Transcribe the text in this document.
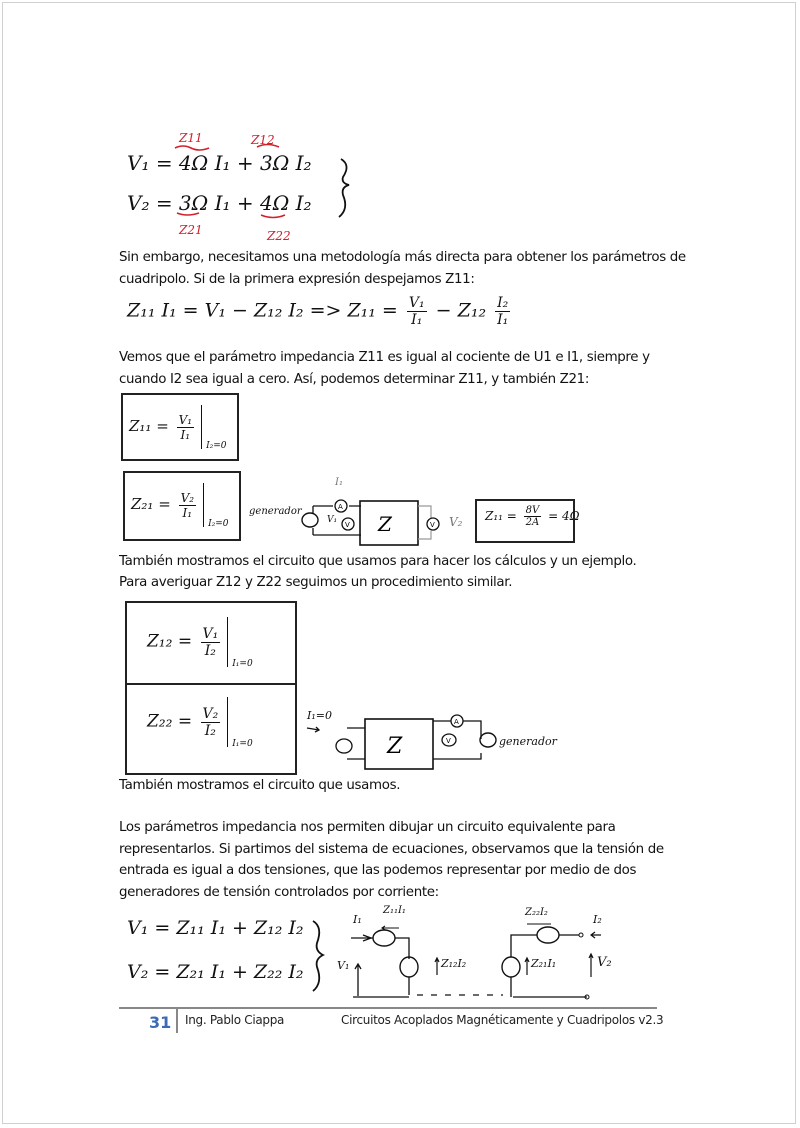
Z11	Z12
V₁ = 4Ω I₁ + 3Ω I₂
V₂ = 3Ω I₁ + 4Ω I₂
Z21	Z22
Sin embargo, necesitamos una metodología más directa para obtener los parámetros de cuadripolo. Si de la primera expresión despejamos Z11:
Z₁₁ I₁ = V₁ − Z₁₂ $I_2 => Z_{11} = \frac{\text{V₁}}{\text{I₁}} - Z_{12} \frac{\text{I₂}}{\text{I₁}}$
Vemos que el parámetro impedancia Z11 es igual al cociente de U1 e I1, siempre y cuando I2 sea igual a cero. Así, podemos determinar Z11, y también Z21:
$Z_{11} = \frac{\text{V₁}}{\text{I₁}}$
I₂=0
$Z_{21} = \frac{\text{V₂}}{\text{I₁}}$
I₂=0
generador
I₁
V₁	V₂
A
V Z	V
$Z_{11} = \frac{8V}{2A} = 4\Omega$
También mostramos el circuito que usamos para hacer los cálculos y un ejemplo.
Para averiguar Z12 y Z22 seguimos un procedimiento similar.
$Z_{12} = \frac{\text{V₁}}{\text{I₂}}$
I₁=0
$Z_{22} = \frac{\text{V₂}}{\text{I₂}}$
I₁=0
I₁=0
generador
Z
A
V
También mostramos el circuito que usamos.
Los parámetros impedancia nos permiten dibujar un circuito equivalente para representarlos. Si partimos del sistema de ecuaciones, observamos que la tensión de entrada es igual a dos tensiones, que las podemos representar por medio de dos generadores de tensión controlados por corriente:
V₁ = Z₁₁ I₁ + Z₁₂ I₂
V₂ = Z₂₁ I₁ + Z₂₂ I₂
I₁
Z₁₁I₁
V₁	Z₁₂I₂	Z₂₁I₁
Z₂₂I₂
I₂
V₂
31 Ing. Pablo Ciappa	Circuitos Acoplados Magnéticamente y Cuadripolos v2.3
